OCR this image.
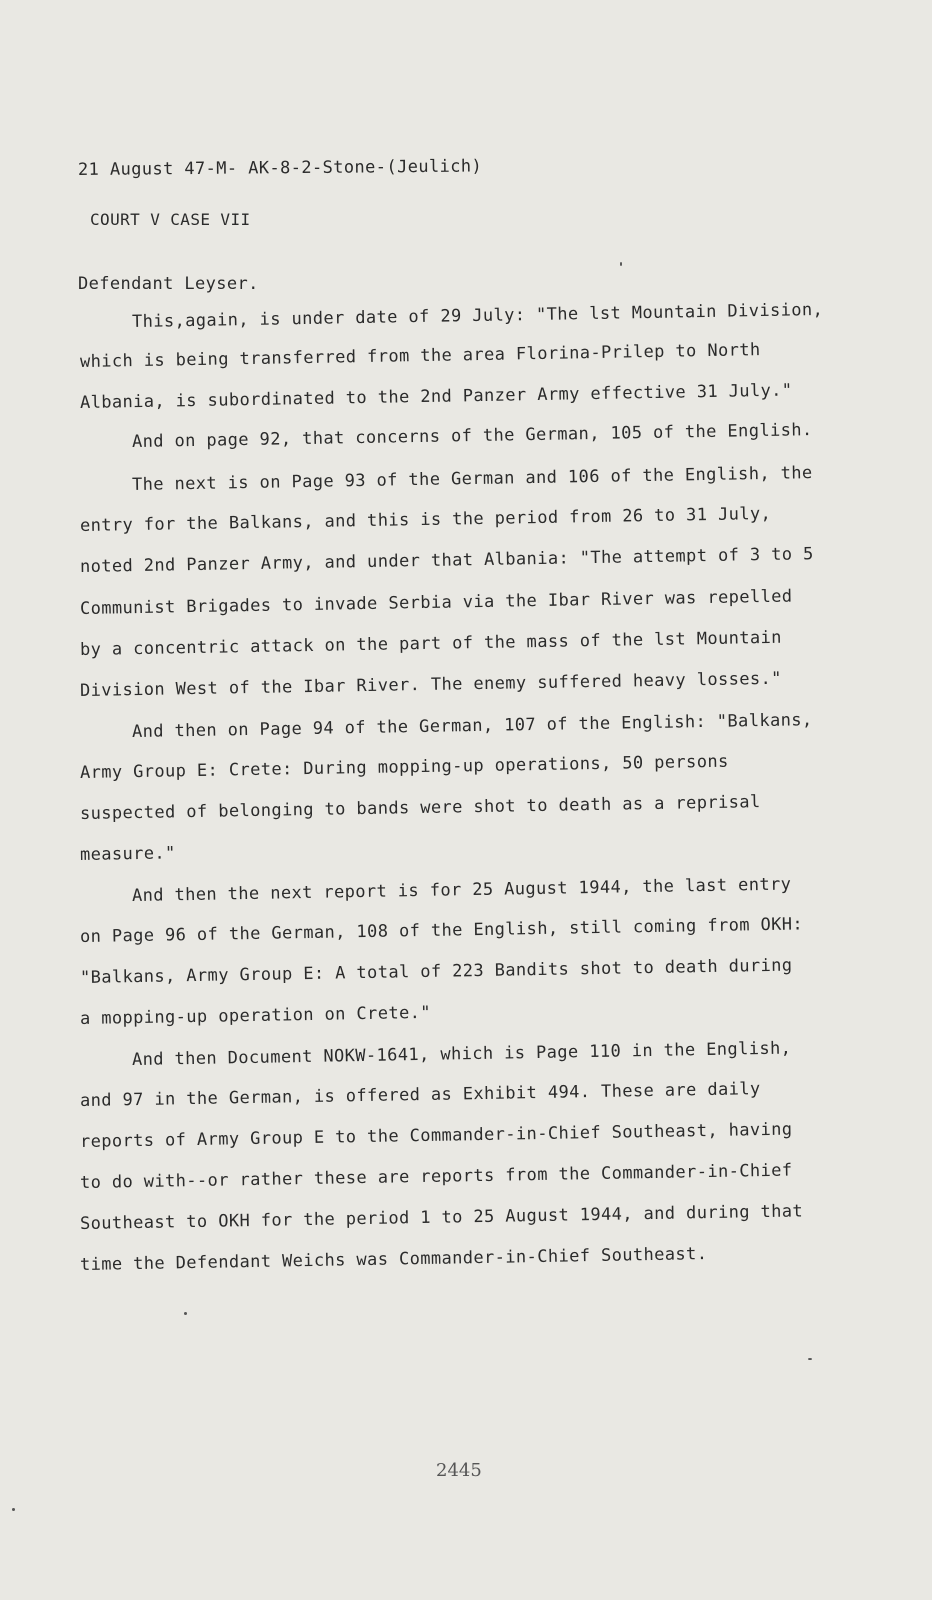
21 August 47-M- AK-8-2-Stone-(Jeulich)
COURT V CASE VII
Defendant Leyser.
This,again, is under date of 29 July: "The lst Mountain Division,
which is being transferred from the area Florina-Prilep to North
Albania, is subordinated to the 2nd Panzer Army effective 31 July."
And on page 92, that concerns of the German, 105 of the English.
The next is on Page 93 of the German and 106 of the English, the
entry for the Balkans, and this is the period from 26 to 31 July,
noted 2nd Panzer Army, and under that Albania: "The attempt of 3 to 5
Communist Brigades to invade Serbia via the Ibar River was repelled
by a concentric attack on the part of the mass of the lst Mountain
Division West of the Ibar River. The enemy suffered heavy losses."
And then on Page 94 of the German, 107 of the English: "Balkans,
Army Group E: Crete: During mopping-up operations, 50 persons
suspected of belonging to bands were shot to death as a reprisal
measure."
And then the next report is for 25 August 1944, the last entry
on Page 96 of the German, 108 of the English, still coming from OKH:
"Balkans, Army Group E: A total of 223 Bandits shot to death during
a mopping-up operation on Crete."
And then Document NOKW-1641, which is Page 110 in the English,
and 97 in the German, is offered as Exhibit 494. These are daily
reports of Army Group E to the Commander-in-Chief Southeast, having
to do with--or rather these are reports from the Commander-in-Chief
Southeast to OKH for the period 1 to 25 August 1944, and during that
time the Defendant Weichs was Commander-in-Chief Southeast.
2445
